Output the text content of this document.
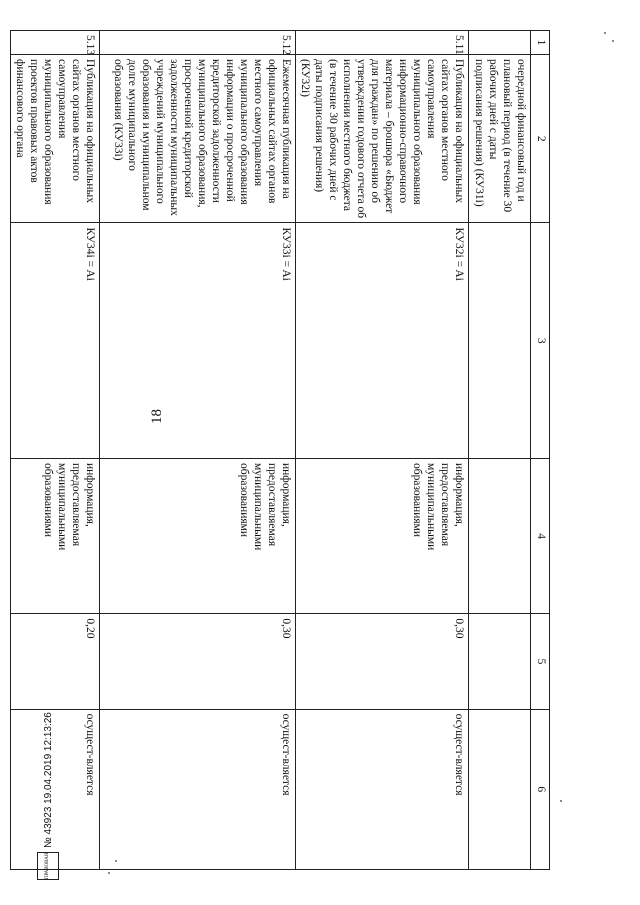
18
1	2	3	4	5	6
	очередной финансовый год и плановый период (в течение 30 рабочих дней с даты подписания решения) (КУ31i)				
5.11	Публикация на официальных сайтах органов местного самоуправления муниципального образования информационно-справочного материала – брошюра «Бюджет для граждан» по решению об утверждении годового отчета об исполнении местного бюджета (в течение 30 рабочих дней с даты подписания решения) (КУ32i)	КУ32i = Ai	информация, предоставляемая муниципальными образованиями	0,30	осущест-вляется
5.12	Ежемесячная публикация на официальных сайтах органов местного самоуправления муниципального образования информации о просроченной кредиторской задолженности муниципального образования, просроченной кредиторской задолженности муниципальных учреждений муниципального образования и муниципальном долге муниципального образования (КУ33i)	КУ33i = Ai	информация, предоставляемая муниципальными образованиями	0,30	осущест-вляется
5.13	Публикация на официальных сайтах органов местного самоуправления муниципального образования проектов правовых актов финансового органа	КУ34i = Ai	информация, предоставляемая муниципальными образованиями	0,20	осущест-вляется
ПРАВОВАЯ
№ 43923 19.04.2019 12:13:26
